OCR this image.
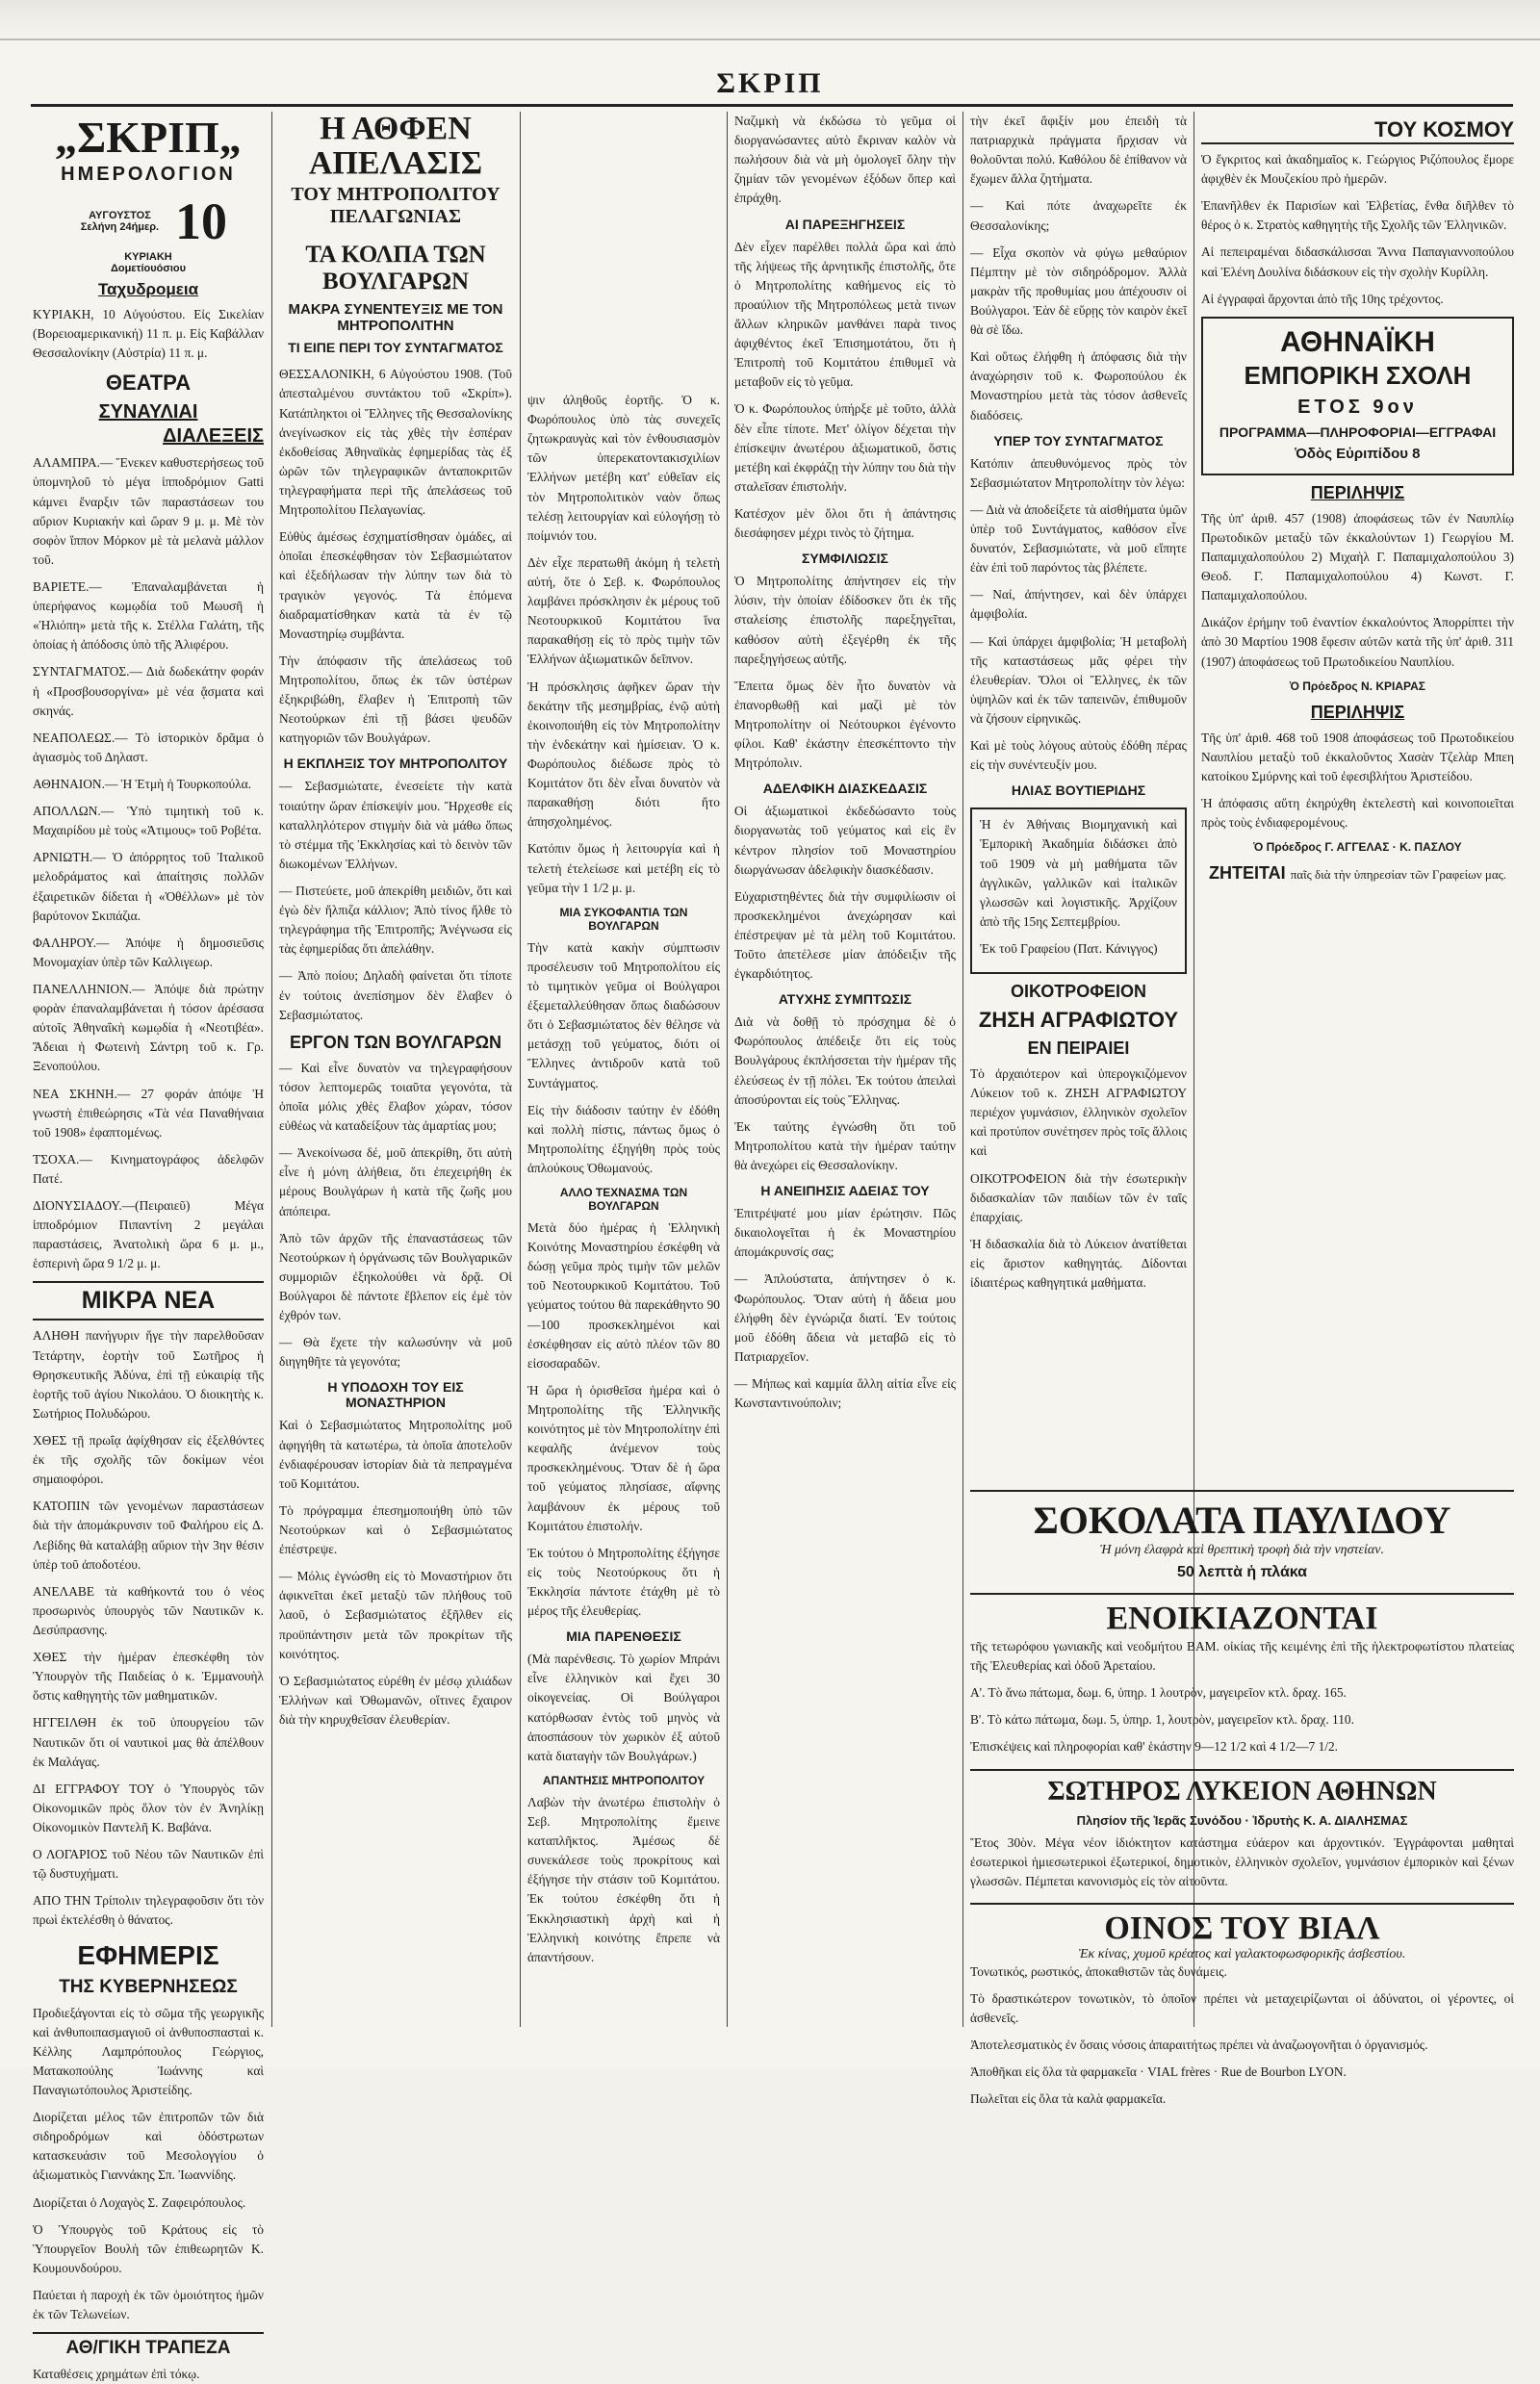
ΣΚΡΙΠ
„ΣΚΡΙΠ„
ΗΜΕΡΟΛΟΓΙΟΝ
ΑΥΓΟΥΣΤΟΣ Σελήνη 24ήμερ. 10 ΚΥΡΙΑΚΗ Δομετίουόσιου
Ταχυδρομεια

ΚΥΡΙΑΚΗ, 10 Αὐγούστου. Εἰς Σικελίαν (Βορειοαμερικανική) 11 π. μ. Εἰς Καβάλλαν Θεσσαλονίκην (Αὐστρία) 11 π. μ.

ΘΕΑΤΡΑ
ΣΥΝΑΥΛΙΑΙ
ΔΙΑΛΕΞΕΙΣ

ΑΛΑΜΠΡΑ.— Ἕνεκεν καθυστερήσεως τοῦ ὑπομνηλοῦ τὸ μέγα ἱπποδρόμιον Gatti κάμνει ἔναρξιν τῶν παραστάσεων του αὔριον Κυριακήν καὶ ὥραν 9 μ. μ. Μὲ τὸν σοφὸν ἵππον Μόρκον μὲ τὰ μελανὰ μάλλον τοῦ.

ΒΑΡΙΕΤΕ.— Ἐπαναλαμβάνεται ἡ ὑπερήφανος κωμῳδία τοῦ Μωυσῆ ἡ «Ἠλιόπη» μετὰ τῆς κ. Στέλλα Γαλάτη, τῆς ὁποίας ἡ ἀπόδοσις ὑπὸ τῆς Ἀλιφέρου.

ΣΥΝΤΑΓΜΑΤΟΣ.— Διὰ δωδεκάτην φοράν ἡ «Προσβουσοργίνα» μὲ νέα ᾄσματα καὶ σκηνάς.

ΝΕΑΠΟΛΕΩΣ.— Τὸ ἱστορικὸν δρᾶμα ὁ ἁγιασμὸς τοῦ Δηλαστ.

ΑΘΗΝΑΙΟΝ.— Ἡ Ἑτμὴ ἡ Τουρκοπούλα.

ΑΠΟΛΛΩΝ.— Ὑπὸ τιμητικὴ τοῦ κ. Μαχαιρίδου μὲ τοὺς «Ἀτιμους» τοῦ Ροβέτα.

ΑΡΝΙΩΤΗ.— Ὁ ἀπόρρητος τοῦ Ἰταλικοῦ μελοδράματος καὶ ἀπαίτησις πολλῶν ἐξαιρετικῶν δίδεται ἡ «Ὁθέλλων» μὲ τὸν βαρύτονον Σκιπάζια.

ΦΑΛΗΡΟΥ.— Ἀπόψε ἡ δημοσιεῦσις Μονομαχίαν ὑπὲρ τῶν Καλλιγεωρ.

ΠΑΝΕΛΛΗΝΙΟΝ.— Ἀπόψε διὰ πρώτην φορὰν ἐπαναλαμβάνεται ἡ τόσον ἀρέσασα αὐτοῖς Ἀθηναΐκὴ κωμῳδία ἡ «Νεοτιβέα». Ἄδειαι ἡ Φωτεινὴ Σάντρη τοῦ κ. Γρ. Ξενοπούλου.

ΝΕΑ ΣΚΗΝΗ.— 27 φοράν ἀπόψε Ἡ γνωστὴ ἐπιθεώρησις «Τὰ νέα Παναθήναια τοῦ 1908» ἐφαπτομένως.

ΤΣΟΧΑ.— Κινηματογράφος ἀδελφῶν Πατέ.

ΔΙΟΝΥΣΙΑΔΟΥ.—(Πειραιεῦ) Μέγα ἱπποδρόμιον Πιπαντίνη 2 μεγάλαι παραστάσεις, Ἀνατολικὴ ὥρα 6 μ. μ., ἑσπερινὴ ὥρα 9 1/2 μ. μ.

ΜΙΚΡΑ ΝΕΑ

ΑΛΗΘΗ πανήγυριν ἥγε τὴν παρελθοῦσαν Τετάρτην, ἑορτὴν τοῦ Σωτῆρος ἡ Θρησκευτικῆς Ἀδύνα, ἐπὶ τῇ εὐκαιρίᾳ τῆς ἑορτῆς τοῦ ἁγίου Νικολάου. Ὁ διοικητὴς κ. Σωτήριος Πολυδώρου.

ΧΘΕΣ τῇ πρωΐᾳ ἀφίχθησαν εἰς ἐξελθόντες ἐκ τῆς σχολῆς τῶν δοκίμων νέοι σημαιοφόροι.

ΚΑΤΟΠΙΝ τῶν γενομένων παραστάσεων διὰ τὴν ἀπομάκρυνσιν τοῦ Φαλήρου εἰς Δ. Λεβίδης θὰ καταλάβῃ αὔριον τὴν 3ην θέσιν ὑπὲρ τοῦ ἀποδοτέου.

ΑΝΕΛΑΒΕ τὰ καθήκοντά του ὁ νέος προσωρινὸς ὑπουργὸς τῶν Ναυτικῶν κ. Δεσύπρασνης.

ΧΘΕΣ τὴν ἡμέραν ἐπεσκέφθη τὸν Ὑπουργὸν τῆς Παιδείας ὁ κ. Ἐμμανουὴλ ὅστις καθηγητὴς τῶν μαθηματικῶν.

ΗΓΓΕΙΛΘΗ ἐκ τοῦ ὑπουργείου τῶν Ναυτικῶν ὅτι οἱ ναυτικοὶ μας θὰ ἀπέλθουν ἐκ Μαλάγας.

ΔΙ ΕΓΓΡΑΦΟΥ ΤΟΥ ὁ Ὑπουργὸς τῶν Οἰκονομικῶν πρὸς ὅλον τὸν ἐν Ἀνηλίκῃ Οἰκονομικὸν Παντελῆ Κ. Βαβάνα.

Ο ΛΟΓΑΡΙΟΣ τοῦ Νέου τῶν Ναυτικῶν ἐπὶ τῷ δυστυχήματι.

ΑΠΟ ΤΗΝ Τρίπολιν τηλεγραφοῦσιν ὅτι τὸν πρωὶ ἐκτελέσθη ὁ θάνατος.

ΕΦΗΜΕΡΙΣ
ΤΗΣ ΚΥΒΕΡΝΗΣΕΩΣ

Προδιεξάγονται εἰς τὸ σῶμα τῆς γεωργικῆς καὶ ἀνθυποιπασμαγιοῦ οἱ ἀνθυποσπασταὶ κ. Κέλλης Λαμπρόπουλος Γεώργιος, Ματακοπούλης Ἰωάννης καὶ Παναγιωτόπουλος Ἀριστείδης.

Διορίζεται μέλος τῶν ἐπιτροπῶν τῶν διὰ σιδηροδρόμων καὶ ὁδόστρωτων κατασκευάσιν τοῦ Μεσολογγίου ὁ ἀξιωματικὸς Γιαννάκης Σπ. Ἰωαννίδης.

Διορίζεται ὁ Λοχαγὸς Σ. Ζαφειρόπουλος.

Ὁ Ὑπουργὸς τοῦ Κράτους εἰς τὸ Ὑπουργεῖον Βουλὴ τῶν ἑπιθεωρητῶν Κ. Κουμουνδούρου.

Παύεται ἡ παροχὴ ἐκ τῶν ὁμοιότητος ἡμῶν ἐκ τῶν Τελωνείων.

ΑΘ/ΓΙΚΗ ΤΡΑΠΕΖΑ

Καταθέσεις χρημάτων ἐπὶ τόκῳ.

Η ΑΘΦΕΝ ΑΠΕΛΑΣΙΣ
ΤΟΥ ΜΗΤΡΟΠΟΛΙΤΟΥ ΠΕΛΑΓΩΝΙΑΣ
ΤΑ ΚΟΛΠΑ ΤΩΝ ΒΟΥΛΓΑΡΩΝ
ΜΑΚΡΑ ΣΥΝΕΝΤΕΥΞΙΣ ΜΕ ΤΟΝ ΜΗΤΡΟΠΟΛΙΤΗΝ
ΤΙ ΕΙΠΕ ΠΕΡΙ ΤΟΥ ΣΥΝΤΑΓΜΑΤΟΣ

ΘΕΣΣΑΛΟΝΙΚΗ, 6 Αὐγούστου 1908. (Τοῦ ἀπεσταλμένου συντάκτου τοῦ «Σκρίπ»). Κατάπληκτοι οἱ Ἕλληνες τῆς Θεσσαλονίκης ἀνεγίνωσκον εἰς τὰς χθὲς τὴν ἑσπέραν ἐκδοθείσας Ἀθηναϊκὰς ἐφημερίδας τὰς ἐξ ὡρῶν τῶν τηλεγραφικῶν ἀνταποκριτῶν τηλεγραφήματα περὶ τῆς ἀπελάσεως τοῦ Μητροπολίτου Πελαγωνίας.

Εὐθὺς ἀμέσως ἐσχηματίσθησαν ὁμάδες, αἱ ὁποῖαι ἐπεσκέφθησαν τὸν Σεβασμιώτατον καὶ ἐξεδήλωσαν τὴν λύπην των διὰ τὸ τραγικὸν γεγονός. Τὰ ἑπόμενα διαδραματίσθηκαν κατὰ τὰ ἐν τῷ Μοναστηρίῳ συμβάντα.

Τὴν ἀπόφασιν τῆς ἀπελάσεως τοῦ Μητροπολίτου, ὅπως ἐκ τῶν ὑστέρων ἐξηκριβώθη, ἔλαβεν ἡ Ἐπιτροπὴ τῶν Νεοτούρκων ἐπὶ τῇ βάσει ψευδῶν κατηγοριῶν τῶν Βουλγάρων.

Η ΕΚΠΛΗΞΙΣ ΤΟΥ ΜΗΤΡΟΠΟΛΙΤΟΥ

— Σεβασμιώτατε, ἐνεσείετε τὴν κατὰ τοιαύτην ὥραν ἐπίσκεψίν μου. Ἤρχεσθε εἰς καταλληλότερον στιγμὴν διὰ νὰ μάθω ὅπως τὸ στέμμα τῆς Ἐκκλησίας καὶ τὸ δεινὸν τῶν διωκομένων Ἑλλήνων.

— Πιστεύετε, μοῦ ἀπεκρίθη μειδιῶν, ὅτι καὶ ἐγὼ δὲν ἤλπιζα κάλλιον; Ἀπὸ τίνος ἤλθε τὸ τηλεγράφημα τῆς Ἐπιτροπῆς; Ἀνέγνωσα εἰς τὰς ἐφημερίδας ὅτι ἀπελάθην.

— Ἀπὸ ποίου; Δηλαδὴ φαίνεται ὅτι τίποτε ἐν τούτοις ἀνεπίσημον δὲν ἔλαβεν ὁ Σεβασμιώτατος.

ΕΡΓΟΝ ΤΩΝ ΒΟΥΛΓΑΡΩΝ

— Καὶ εἶνε δυνατὸν να τηλεγραφήσουν τόσον λεπτομερῶς τοιαῦτα γεγονότα, τὰ ὁποῖα μόλις χθὲς ἔλαβον χώραν, τόσον εὐθέως νὰ καταδείξουν τὰς ἀμαρτίας μου;

— Ἀνεκοίνωσα δέ, μοῦ ἀπεκρίθη, ὅτι αὐτὴ εἶνε ἡ μόνη ἀλήθεια, ὅτι ἐπεχειρήθη ἐκ μέρους Βουλγάρων ἡ κατὰ τῆς ζωῆς μου ἀπόπειρα.

Ἀπὸ τῶν ἀρχῶν τῆς ἐπαναστάσεως τῶν Νεοτούρκων ἡ ὀργάνωσις τῶν Βουλγαρικῶν συμμοριῶν ἐξηκολούθει νὰ δρᾷ. Οἱ Βούλγαροι δὲ πάντοτε ἔβλεπον εἰς ἐμὲ τὸν ἐχθρόν των.

— Θὰ ἔχετε τὴν καλωσύνην νὰ μοῦ διηγηθῆτε τὰ γεγονότα;

Η ΥΠΟΔΟΧΗ ΤΟΥ ΕΙΣ ΜΟΝΑΣΤΗΡΙΟΝ

Καὶ ὁ Σεβασμιώτατος Μητροπολίτης μοῦ ἀφηγήθη τὰ κατωτέρω, τὰ ὁποῖα ἀποτελοῦν ἐνδιαφέρουσαν ἱστορίαν διὰ τὰ πεπραγμένα τοῦ Κομιτάτου.

Τὸ πρόγραμμα ἐπεσημοποιήθη ὑπὸ τῶν Νεοτούρκων καὶ ὁ Σεβασμιώτατος ἐπέστρεψε.

— Μόλις ἐγνώσθη εἰς τὸ Μοναστήριον ὅτι ἀφικνεῖται ἐκεῖ μεταξὺ τῶν πλήθους τοῦ λαοῦ, ὁ Σεβασμιώτατος ἐξῆλθεν εἰς προϋπάντησιν μετὰ τῶν προκρίτων τῆς κοινότητος.

Ὁ Σεβασμιώτατος εὑρέθη ἐν μέσῳ χιλιάδων Ἑλλήνων καὶ Ὀθωμανῶν, οἵτινες ἔχαιρον διὰ τὴν κηρυχθεῖσαν ἐλευθερίαν.

ψιν ἀληθοῦς ἑορτῆς. Ὁ κ. Φωρόπουλος ὑπὸ τὰς συνεχεῖς ζητωκραυγὰς καὶ τὸν ἐνθουσιασμὸν τῶν ὑπερεκατοντακισχιλίων Ἑλλήνων μετέβη κατ' εὐθεῖαν εἰς τὸν Μητροπολιτικὸν ναὸν ὅπως τελέσῃ λειτουργίαν καὶ εὐλογήσῃ τὸ ποίμνιόν του.

Δὲν εἶχε περατωθῆ ἀκόμη ἡ τελετὴ αὐτή, ὅτε ὁ Σεβ. κ. Φωρόπουλος λαμβάνει πρόσκλησιν ἐκ μέρους τοῦ Νεοτουρκικοῦ Κομιτάτου ἵνα παρακαθήσῃ εἰς τὸ πρὸς τιμὴν τῶν Ἑλλήνων ἀξιωματικῶν δεῖπνον.

Ἡ πρόσκλησις ἀφῆκεν ὥραν τὴν δεκάτην τῆς μεσημβρίας, ἐνῷ αὐτὴ ἐκοινοποιήθη εἰς τὸν Μητροπολίτην τὴν ἐνδεκάτην καὶ ἡμίσειαν. Ὁ κ. Φωρόπουλος διέδωσε πρὸς τὸ Κομιτάτον ὅτι δὲν εἶναι δυνατὸν νὰ παρακαθήσῃ διότι ἤτο ἀπησχολημένος.

Κατόπιν ὅμως ἡ λειτουργία καὶ ἡ τελετὴ ἐτελείωσε καὶ μετέβη εἰς τὸ γεῦμα τὴν 1 1/2 μ. μ.

ΜΙΑ ΣΥΚΟΦΑΝΤΙΑ ΤΩΝ ΒΟΥΛΓΑΡΩΝ

Τὴν κατὰ κακὴν σύμπτωσιν προσέλευσιν τοῦ Μητροπολίτου εἰς τὸ τιμητικὸν γεῦμα οἱ Βούλγαροι ἐξεμεταλλεύθησαν ὅπως διαδώσουν ὅτι ὁ Σεβασμιώτατος δὲν θέλησε νὰ μετάσχῃ τοῦ γεύματος, διότι οἱ Ἕλληνες ἀντιδροῦν κατὰ τοῦ Συντάγματος.

Εἰς τὴν διάδοσιν ταύτην ἐν ἐδόθη καὶ πολλὴ πίστις, πάντως ὅμως ὁ Μητροπολίτης ἐξηγήθη πρὸς τοὺς ἀπλούκους Ὀθωμανούς.

ΑΛΛΟ ΤΕΧΝΑΣΜΑ ΤΩΝ ΒΟΥΛΓΑΡΩΝ

Μετὰ δύο ἡμέρας ἡ Ἑλληνικὴ Κοινότης Μοναστηρίου ἐσκέφθη νὰ δώσῃ γεῦμα πρὸς τιμὴν τῶν μελῶν τοῦ Νεοτουρκικοῦ Κομιτάτου. Τοῦ γεύματος τούτου θὰ παρεκάθηντο 90—100 προσκεκλημένοι καὶ ἐσκέφθησαν εἰς αὐτὸ πλέον τῶν 80 εἰσοσαραδῶν.

Ἡ ὥρα ἡ ὁρισθεῖσα ἡμέρα καὶ ὁ Μητροπολίτης τῆς Ἑλληνικῆς κοινότητος μὲ τὸν Μητροπολίτην ἐπὶ κεφαλῆς ἀνέμενον τοὺς προσκεκλημένους. Ὅταν δὲ ἡ ὥρα τοῦ γεύματος πλησίασε, αἴφνης λαμβάνουν ἐκ μέρους τοῦ Κομιτάτου ἐπιστολήν.

Ἐκ τούτου ὁ Μητροπολίτης ἐξήγησε εἰς τοὺς Νεοτούρκους ὅτι ἡ Ἐκκλησία πάντοτε ἐτάχθη μὲ τὸ μέρος τῆς ἐλευθερίας.

ΜΙΑ ΠΑΡΕΝΘΕΣΙΣ

(Μὰ παρένθεσις. Τὸ χωρίον Μπράνι εἶνε ἑλληνικὸν καὶ ἔχει 30 οἰκογενείας. Οἱ Βούλγαροι κατόρθωσαν ἐντὸς τοῦ μηνὸς νὰ ἀποσπάσουν τὸν χωρικὸν ἐξ αὐτοῦ κατὰ διαταγὴν τῶν Βουλγάρων.)

ΑΠΑΝΤΗΣΙΣ ΜΗΤΡΟΠΟΛΙΤΟΥ

Λαβὼν τὴν ἀνωτέρω ἐπιστολὴν ὁ Σεβ. Μητροπολίτης ἔμεινε καταπλῆκτος. Ἀμέσως δὲ συνεκάλεσε τοὺς προκρίτους καὶ ἐξήγησε τὴν στάσιν τοῦ Κομιτάτου. Ἐκ τούτου ἐσκέφθη ὅτι ἡ Ἐκκλησιαστικὴ ἀρχὴ καὶ ἡ Ἑλληνικὴ κοινότης ἔπρεπε νὰ ἀπαντήσουν.

Ναζιμκὴ νὰ ἐκδώσω τὸ γεῦμα οἱ διοργανώσαντες αὐτὸ ἔκριναν καλὸν νὰ πωλήσουν διὰ νὰ μὴ ὁμολογεῖ ὅλην τὴν ζημίαν τῶν γενομένων ἐξόδων ὅπερ καὶ ἐπράχθη.

ΑΙ ΠΑΡΕΞΗΓΗΣΕΙΣ

Δὲν εἶχεν παρέλθει πολλὰ ὥρα καὶ ἀπὸ τῆς λήψεως τῆς ἀρνητικῆς ἐπιστολῆς, ὅτε ὁ Μητροπολίτης καθήμενος εἰς τὸ προαύλιον τῆς Μητροπόλεως μετὰ τινων ἄλλων κληρικῶν μανθάνει παρὰ τινος ἀφιχθέντος ἐκεῖ Ἐπισημοτάτου, ὅτι ἡ Ἐπιτροπὴ τοῦ Κομιτάτου ἐπιθυμεῖ νὰ μεταβοῦν εἰς τὸ γεῦμα.

Ὁ κ. Φωρόπουλος ὑπήρξε μὲ τοῦτο, ἀλλὰ δὲν εἶπε τίποτε. Μετ' ὀλίγον δέχεται τὴν ἐπίσκεψιν ἀνωτέρου ἀξιωματικοῦ, ὅστις μετέβη καὶ ἐκφράζῃ τὴν λύπην του διὰ τὴν σταλεῖσαν ἐπιστολήν.

Κατέσχον μὲν ὅλοι ὅτι ἡ ἀπάντησις διεσάφησεν μέχρι τινὸς τὸ ζήτημα.

ΣΥΜΦΙΛΙΩΣΙΣ

Ὁ Μητροπολίτης ἀπήντησεν εἰς τὴν λύσιν, τὴν ὁποίαν ἐδίδοσκεν ὅτι ἐκ τῆς σταλείσης ἐπιστολῆς παρεξηγεῖται, καθόσον αὐτὴ ἐξεγέρθη ἐκ τῆς παρεξηγήσεως αὐτῆς.

Ἔπειτα ὅμως δὲν ἦτο δυνατὸν νὰ ἐπανορθωθῇ καὶ μαζὶ μὲ τὸν Μητροπολίτην οἱ Νεότουρκοι ἐγένοντο φίλοι. Καθ' ἑκάστην ἐπεσκέπτοντο τὴν Μητρόπολιν.

ΑΔΕΛΦΙΚΗ ΔΙΑΣΚΕΔΑΣΙΣ

Οἱ ἀξιωματικοὶ ἐκδεδώσαντο τοὺς διοργανωτὰς τοῦ γεύματος καὶ εἰς ἓν κέντρον πλησίον τοῦ Μοναστηρίου διωργάνωσαν ἀδελφικὴν διασκέδασιν.

Εὐχαριστηθέντες διὰ τὴν συμφιλίωσιν οἱ προσκεκλημένοι ἀνεχώρησαν καὶ ἐπέστρεψαν μὲ τὰ μέλη τοῦ Κομιτάτου. Τοῦτο ἀπετέλεσε μίαν ἀπόδειξιν τῆς ἐγκαρδιότητος.

ΑΤΥΧΗΣ ΣΥΜΠΤΩΣΙΣ

Διὰ νὰ δοθῇ τὸ πρόσχημα δὲ ὁ Φωρόπουλος ἀπέδειξε ὅτι εἰς τοὺς Βουλγάρους ἐκπλήσσεται τὴν ἡμέραν τῆς ἐλεύσεως ἐν τῇ πόλει. Ἐκ τούτου ἀπειλαὶ ἀποσύρονται εἰς τοὺς Ἕλληνας.

Ἐκ ταύτης ἐγνώσθη ὅτι τοῦ Μητροπολίτου κατὰ τὴν ἡμέραν ταύτην θὰ ἀνεχώρει εἰς Θεσσαλονίκην.

Η ΑΝΕΙΠΗΣΙΣ ΑΔΕΙΑΣ ΤΟΥ

Ἐπιτρέψατέ μου μίαν ἐρώτησιν. Πῶς δικαιολογεῖται ἡ ἐκ Μοναστηρίου ἀπομάκρυνσίς σας;

— Ἀπλούστατα, ἀπήντησεν ὁ κ. Φωρόπουλος. Ὅταν αὐτὴ ἡ ἄδεια μου ἐλήφθη δὲν ἐγνώριζα διατί. Ἐν τούτοις μοῦ ἐδόθη ἄδεια νὰ μεταβῶ εἰς τὸ Πατριαρχεῖον.

— Μήπως καὶ καμμία ἄλλη αἰτία εἶνε εἰς Κωνσταντινούπολιν;

τὴν ἐκεῖ ἄφιξίν μου ἐπειδὴ τὰ πατριαρχικὰ πράγματα ἤρχισαν νὰ θολοῦνται πολύ. Καθόλου δὲ ἐπίθανον νὰ ἔχωμεν ἄλλα ζητήματα.

— Καὶ πότε ἀναχωρεῖτε ἐκ Θεσσαλονίκης;

— Εἶχα σκοπὸν νὰ φύγω μεθαύριον Πέμπτην μὲ τὸν σιδηρόδρομον. Ἀλλὰ μακρὰν τῆς προθυμίας μου ἀπέχουσιν οἱ Βούλγαροι. Ἐὰν δὲ εὕρῃς τὸν καιρὸν ἐκεῖ θὰ σὲ ἴδω.

Καὶ οὕτως ἐλήφθη ἡ ἀπόφασις διὰ τὴν ἀναχώρησιν τοῦ κ. Φωροπούλου ἐκ Μοναστηρίου μετὰ τὰς τόσον ἀσθενεῖς διαδόσεις.

ΥΠΕΡ ΤΟΥ ΣΥΝΤΑΓΜΑΤΟΣ

Κατόπιν ἀπευθυνόμενος πρὸς τὸν Σεβασμιώτατον Μητροπολίτην τὸν λέγω:

— Διὰ νὰ ἀποδείξετε τὰ αἰσθήματα ὑμῶν ὑπὲρ τοῦ Συντάγματος, καθόσον εἶνε δυνατόν, Σεβασμιώτατε, νὰ μοῦ εἴπητε ἐὰν ἐπὶ τοῦ παρόντος τὰς βλέπετε.

— Ναί, ἀπήντησεν, καὶ δὲν ὑπάρχει ἀμφιβολία.

— Καὶ ὑπάρχει ἀμφιβολία; Ἡ μεταβολὴ τῆς καταστάσεως μᾶς φέρει τὴν ἐλευθερίαν. Ὅλοι οἱ Ἕλληνες, ἐκ τῶν ὑψηλῶν καὶ ἐκ τῶν ταπεινῶν, ἐπιθυμοῦν νὰ ζήσουν εἰρηνικῶς.

Καὶ μὲ τοὺς λόγους αὐτοὺς ἐδόθη πέρας εἰς τὴν συνέντευξίν μου.

ΗΛΙΑΣ ΒΟΥΤΙΕΡΙΔΗΣ

Ἡ ἐν Ἀθήναις Βιομηχανικὴ καὶ Ἐμπορικὴ Ἀκαδημία διδάσκει ἀπὸ τοῦ 1909 νὰ μὴ μαθήματα τῶν ἀγγλικῶν, γαλλικῶν καὶ ἰταλικῶν γλωσσῶν καὶ λογιστικῆς. Ἀρχίζουν ἀπὸ τῆς 15ης Σεπτεμβρίου.

Ἐκ τοῦ Γραφείου (Πατ. Κάνιγγος)

ΟΙΚΟΤΡΟΦΕΙΟΝ
ΖΗΣΗ ΑΓΡΑΦΙΩΤΟΥ
ΕΝ ΠΕΙΡΑΙΕΙ

Τὸ ἀρχαιότερον καὶ ὑπερογκιζόμενον Λύκειον τοῦ κ. ΖΗΣΗ ΑΓΡΑΦΙΩΤΟΥ περιέχον γυμνάσιον, ἑλληνικὸν σχολεῖον καὶ προτύπον συνέτησεν πρὸς τοῖς ἄλλοις καὶ

ΟΙΚΟΤΡΟΦΕΙΟΝ διὰ τὴν ἐσωτερικὴν διδασκαλίαν τῶν παιδίων τῶν ἐν ταῖς ἐπαρχίαις.

Ἡ διδασκαλία διὰ τὸ Λύκειον ἀνατίθεται εἰς ἄριστον καθηγητάς. Δίδονται ἰδιαιτέρως καθηγητικά μαθήματα.

ΤΟΥ ΚΟΣΜΟΥ

Ὁ ἔγκριτος καὶ ἀκαδημαῖος κ. Γεώργιος Ριζόπουλος ἔμορε ἀφιχθὲν ἐκ Μουζεκίου πρὸ ἡμερῶν.

Ἐπανῆλθεν ἐκ Παρισίων καὶ Ἐλβετίας, ἔνθα διῆλθεν τὸ θέρος ὁ κ. Στρατὸς καθηγητὴς τῆς Σχολῆς τῶν Ἐλληνικῶν.

Αἱ πεπειραμέναι διδασκάλισσαι Ἄννα Παπαγιαννοπούλου καὶ Ἑλένη Δουλίνα διδάσκουν εἰς τὴν σχολὴν Κυρίλλη.

Αἱ ἐγγραφαὶ ἄρχονται ἀπὸ τῆς 10ης τρέχοντος.

ΑΘΗΝΑΪΚΗ
ΕΜΠΟΡΙΚΗ ΣΧΟΛΗ
ΕΤΟΣ 9ον
ΠΡΟΓΡΑΜΜΑ—ΠΛΗΡΟΦΟΡΙΑΙ—ΕΓΓΡΑΦΑΙ
Ὁδὸς Εὐριπίδου 8
ΠΕΡΙΛΗΨΙΣ

Τῆς ὑπ' ἀριθ. 457 (1908) ἀποφάσεως τῶν ἐν Ναυπλίῳ Πρωτοδικῶν μεταξὺ τῶν ἐκκαλούντων 1) Γεωργίου Μ. Παπαμιχαλοπούλου 2) Μιχαὴλ Γ. Παπαμιχαλοπούλου 3) Θεοδ. Γ. Παπαμιχαλοπούλου 4) Κωνστ. Γ. Παπαμιχαλοπούλου.

Δικάζον ἐρήμην τοῦ ἐναντίον ἐκκαλούντος Ἀπορρίπτει τὴν ἀπὸ 30 Μαρτίου 1908 ἔφεσιν αὐτῶν κατὰ τῆς ὑπ' ἀριθ. 311 (1907) ἀποφάσεως τοῦ Πρωτοδικείου Ναυπλίου.

Ὁ Πρόεδρος Ν. ΚΡΙΑΡΑΣ
ΠΕΡΙΛΗΨΙΣ

Τῆς ὑπ' ἀριθ. 468 τοῦ 1908 ἀποφάσεως τοῦ Πρωτοδικείου Ναυπλίου μεταξὺ τοῦ ἐκκαλοῦντος Χασὰν Τζελὰρ Μπεη κατοίκου Σμύρνης καὶ τοῦ ἐφεσιβλήτου Ἀριστείδου.

Ἡ ἀπόφασις αὕτη ἐκηρύχθη ἐκτελεστὴ καὶ κοινοποιεῖται πρὸς τοὺς ἐνδιαφερομένους.

Ὁ Πρόεδρος Γ. ΑΓΓΕΛΑΣ · Κ. ΠΑΣΛΟΥ
ΖΗΤΕΙΤΑΙ παῖς διὰ τὴν ὑπηρεσίαν τῶν Γραφείων μας.
ΣΟΚΟΛΑΤΑ ΠΑΥΛΙΔΟΥ
Ἡ μόνη ἐλαφρὰ καὶ θρεπτικὴ τροφὴ διὰ τὴν νηστείαν.
50 λεπτὰ ἡ πλάκα
ΕΝΟΙΚΙΑΖΟΝΤΑΙ

τῆς τετωρόφου γωνιακῆς καὶ νεοδμήτου ΒΑΜ. οἰκίας τῆς κειμένης ἐπὶ τῆς ἡλεκτροφωτίστου πλατείας τῆς Ἐλευθερίας καὶ ὁδοῦ Ἀρεταίου.

Α'. Τὸ ἄνω πάτωμα, δωμ. 6, ὑπηρ. 1 λουτρὸν, μαγειρεῖον κτλ. δραχ. 165.

Β'. Τὸ κάτω πάτωμα, δωμ. 5, ὑπηρ. 1, λουτρὸν, μαγειρεῖον κτλ. δραχ. 110.

Ἐπισκέψεις καὶ πληροφορίαι καθ' ἑκάστην 9—12 1/2 καὶ 4 1/2—7 1/2.

ΣΩΤΗΡΟΣ ΛΥΚΕΙΟΝ ΑΘΗΝΩΝ
Πλησίον τῆς Ἱερᾶς Συνόδου · Ἱδρυτὴς Κ. Α. ΔΙΑΛΗΣΜΑΣ

Ἔτος 30ὸν. Μέγα νέον ἰδιόκτητον κατάστημα εὐάερον και ἀρχοντικόν. Ἐγγράφονται μαθηταὶ ἐσωτερικοὶ ἡμιεσωτερικοὶ ἐξωτερικοί, δημοτικὸν, ἑλληνικὸν σχολεῖον, γυμνάσιον ἐμπορικὸν καὶ ξένων γλωσσῶν. Πέμπεται κανονισμὸς εἰς τὸν αἰτοῦντα.

ΟΙΝΟΣ ΤΟΥ ΒΙΑΛ
Ἐκ κίνας, χυμοῦ κρέατος καὶ γαλακτοφωσφορικῆς ἀσβεστίου.

Τονωτικός, ρωστικός, ἀποκαθιστῶν τὰς δυνάμεις.

Τὸ δραστικώτερον τονωτικὸν, τὸ ὁποῖον πρέπει νὰ μεταχειρίζωνται οἱ ἀδύνατοι, οἱ γέροντες, οἱ ἀσθενεῖς.

Ἀποτελεσματικὸς ἐν ὅσαις νόσοις ἀπαραιτήτως πρέπει νὰ ἀναζωογονῆται ὁ ὀργανισμός.

Ἀποθῆκαι εἰς ὅλα τὰ φαρμακεῖα · VIAL frères · Rue de Bourbon LYON.

Πωλεῖται εἰς ὅλα τὰ καλὰ φαρμακεῖα.
